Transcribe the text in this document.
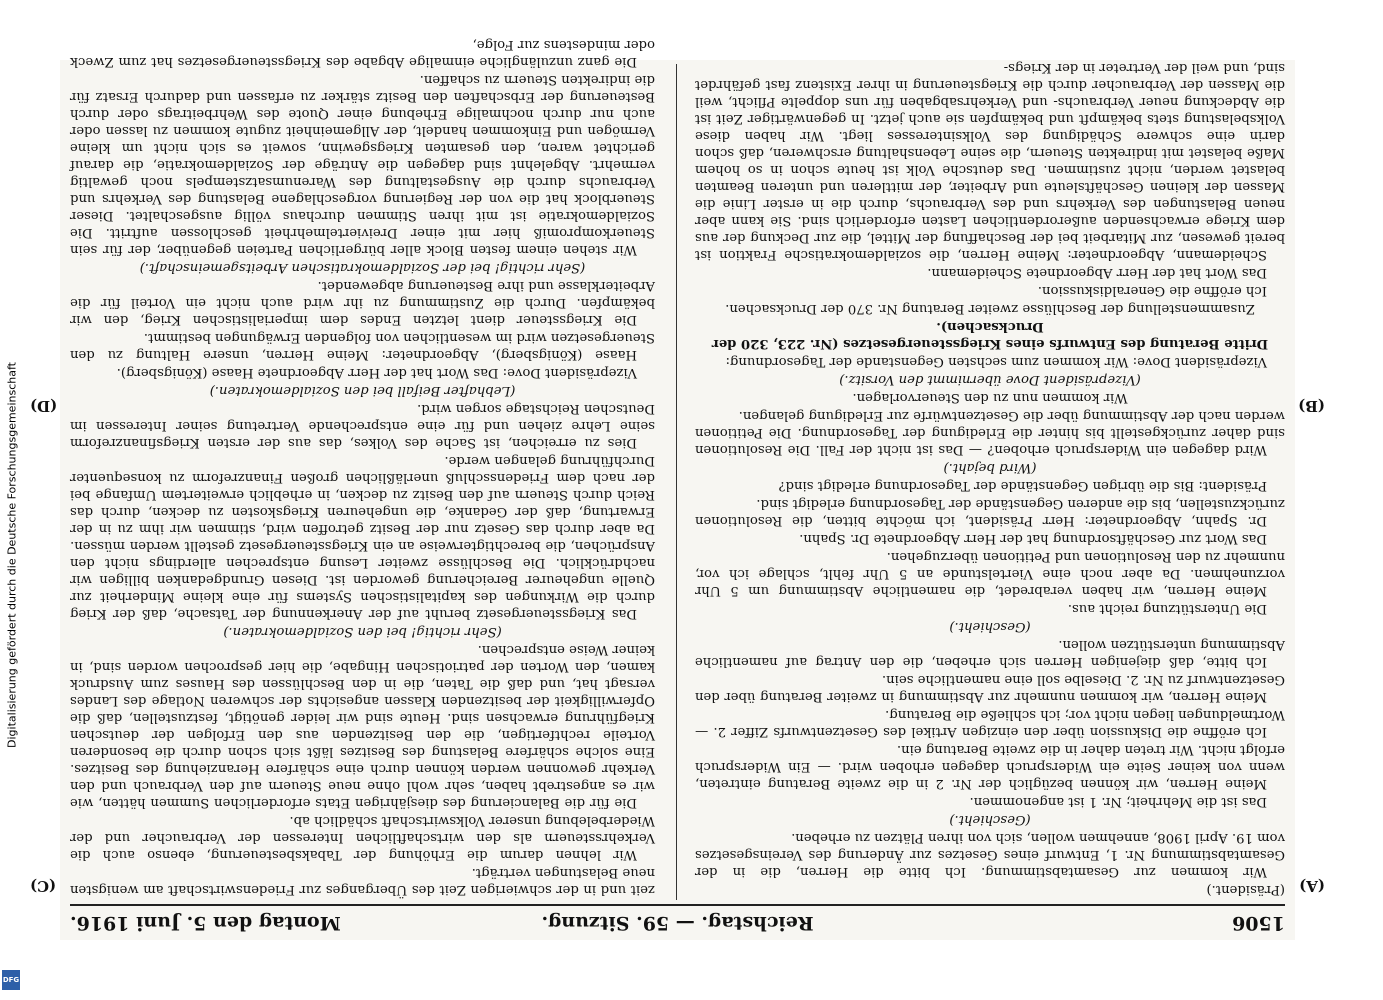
1506
Reichstag. — 59. Sitzung.
Montag den 5. Juni 1916.
(A)
(B)
(C)
(D)

(Präsident.)

Wir kommen zur Gesamtabstimmung. Ich bitte die Herren, die in der Gesamtabstimmung Nr. 1, Entwurf eines Gesetzes zur Änderung des Vereinsgesetzes vom 19. April 1908, annehmen wollen, sich von ihren Plätzen zu erheben.

(Geschieht.)

Das ist die Mehrheit; Nr. 1 ist angenommen.

Meine Herren, wir können bezüglich der Nr. 2 in die zweite Beratung eintreten, wenn von keiner Seite ein Widerspruch dagegen erhoben wird. — Ein Widerspruch erfolgt nicht. Wir treten daher in die zweite Beratung ein.

Ich eröffne die Diskussion über den einzigen Artikel des Gesetzentwurfs Ziffer 2. — Wortmeldungen liegen nicht vor; ich schließe die Beratung.

Meine Herren, wir kommen nunmehr zur Abstimmung in zweiter Beratung über den Gesetzentwurf zu Nr. 2. Dieselbe soll eine namentliche sein.

Ich bitte, daß diejenigen Herren sich erheben, die den Antrag auf namentliche Abstimmung unterstützen wollen.

(Geschieht.)

Die Unterstützung reicht aus.

Meine Herren, wir haben verabredet, die namentliche Abstimmung um 5 Uhr vorzunehmen. Da aber noch eine Viertelstunde an 5 Uhr fehlt, schlage ich vor, nunmehr zu den Resolutionen und Petitionen überzugehen.

Das Wort zur Geschäftsordnung hat der Herr Abgeordnete Dr. Spahn.

Dr. Spahn, Abgeordneter: Herr Präsident, ich möchte bitten, die Resolutionen zurückzustellen, bis die anderen Gegenstände der Tagesordnung erledigt sind.

Präsident: Bis die übrigen Gegenstände der Tagesordnung erledigt sind?

(Wird bejaht.)

Wird dagegen ein Widerspruch erhoben? — Das ist nicht der Fall. Die Resolutionen sind daher zurückgestellt bis hinter die Erledigung der Tagesordnung. Die Petitionen werden nach der Abstimmung über die Gesetzentwürfe zur Erledigung gelangen.

Wir kommen nun zu den Steuervorlagen.

(Vizepräsident Dove übernimmt den Vorsitz.)

Vizepräsident Dove: Wir kommen zum sechsten Gegenstande der Tagesordnung:

Dritte Beratung des Entwurfs eines Kriegssteuergesetzes (Nr. 223, 320 der Drucksachen).

Zusammenstellung der Beschlüsse zweiter Beratung Nr. 370 der Drucksachen.

Ich eröffne die Generaldiskussion.

Das Wort hat der Herr Abgeordnete Scheidemann.

Scheidemann, Abgeordneter: Meine Herren, die sozialdemokratische Fraktion ist bereit gewesen, zur Mitarbeit bei der Beschaffung der Mittel, die zur Deckung der aus dem Kriege erwachsenden außerordentlichen Lasten erforderlich sind. Sie kann aber neuen Belastungen des Verkehrs und des Verbrauchs, durch die in erster Linie die Massen der kleinen Geschäftsleute und Arbeiter, der mittleren und unteren Beamten belastet werden, nicht zustimmen. Das deutsche Volk ist heute schon in so hohem Maße belastet mit indirekten Steuern, die seine Lebenshaltung erschweren, daß schon darin eine schwere Schädigung des Volksinteresses liegt. Wir haben diese Volksbelastung stets bekämpft und bekämpfen sie auch jetzt. In gegenwärtiger Zeit ist die Abdeckung neuer Verbrauchs- und Verkehrsabgaben für uns doppelte Pflicht, weil die Massen der Verbraucher durch die Kriegsteuerung in ihrer Existenz fast gefährdet sind, und weil der Vertreter in der Kriegs-

zeit und in der schwierigen Zeit des Überganges zur Friedenswirtschaft am wenigsten neue Belastungen verträgt.

Wir lehnen darum die Erhöhung der Tabaksbesteuerung, ebenso auch die Verkehrssteuern als den wirtschaftlichen Interessen der Verbraucher und der Wiederbelebung unserer Volkswirtschaft schädlich ab.

Die für die Balancierung des diesjährigen Etats erforderlichen Summen hätten, wie wir es angestrebt haben, sehr wohl ohne neue Steuern auf den Verbrauch und den Verkehr gewonnen werden können durch eine schärfere Heranziehung des Besitzes. Eine solche schärfere Belastung des Besitzes läßt sich schon durch die besonderen Vorteile rechtfertigen, die den Besitzenden aus den Erfolgen der deutschen Kriegführung erwachsen sind. Heute sind wir leider genötigt, festzustellen, daß die Opferwilligkeit der besitzenden Klassen angesichts der schweren Notlage des Landes versagt hat, und daß die Taten, die in den Beschlüssen des Hauses zum Ausdruck kamen, den Worten der patriotischen Hingabe, die hier gesprochen worden sind, in keiner Weise entsprechen.

(Sehr richtig! bei den Sozialdemokraten.)

Das Kriegssteuergesetz beruht auf der Anerkennung der Tatsache, daß der Krieg durch die Wirkungen des kapitalistischen Systems für eine kleine Minderheit zur Quelle ungeheurer Bereicherung geworden ist. Diesen Grundgedanken billigen wir nachdrücklich. Die Beschlüsse zweiter Lesung entsprechen allerdings nicht den Ansprüchen, die berechtigterweise an ein Kriegssteuergesetz gestellt werden müssen. Da aber durch das Gesetz nur der Besitz getroffen wird, stimmen wir ihm zu in der Erwartung, daß der Gedanke, die ungeheuren Kriegskosten zu decken, durch das Reich durch Steuern auf den Besitz zu decken, in erheblich erweitertem Umfange bei der nach dem Friedensschluß unerläßlichen großen Finanzreform zu konsequenter Durchführung gelangen werde.

Dies zu erreichen, ist Sache des Volkes, das aus der ersten Kriegsfinanzreform seine Lehre ziehen und für eine entsprechende Vertretung seiner Interessen im Deutschen Reichstage sorgen wird.

(Lebhafter Beifall bei den Sozialdemokraten.)

Vizepräsident Dove: Das Wort hat der Herr Abgeordnete Haase (Königsberg).

Haase (Königsberg), Abgeordneter: Meine Herren, unsere Haltung zu den Steuergesetzen wird im wesentlichen von folgenden Erwägungen bestimmt.

Die Kriegssteuer dient letzten Endes dem imperialistischen Krieg, den wir bekämpfen. Durch die Zustimmung zu ihr wird auch nicht ein Vorteil für die Arbeiterklasse und ihre Besteuerung abgewendet.

(Sehr richtig! bei der Sozialdemokratischen Arbeitsgemeinschaft.)

Wir stehen einem festen Block aller bürgerlichen Parteien gegenüber, der für sein Steuerkompromiß hier mit einer Dreiviertelmehrheit geschlossen auftritt. Die Sozialdemokratie ist mit ihren Stimmen durchaus völlig ausgeschaltet. Dieser Steuerblock hat die von der Regierung vorgeschlagene Belastung des Verkehrs und Verbrauchs durch die Ausgestaltung des Warenumsatzstempels noch gewaltig vermehrt. Abgelehnt sind dagegen die Anträge der Sozialdemokratie, die darauf gerichtet waren, den gesamten Kriegsgewinn, soweit es sich nicht um kleine Vermögen und Einkommen handelt, der Allgemeinheit zugute kommen zu lassen oder auch nur durch nochmalige Erhebung einer Quote des Wehrbeitrags oder durch Besteuerung der Erbschaften den Besitz stärker zu erfassen und dadurch Ersatz für die indirekten Steuern zu schaffen.

Die ganz unzulängliche einmalige Abgabe des Kriegssteuergesetzes hat zum Zweck oder mindestens zur Folge,

Digitalisierung gefördert durch die Deutsche Forschungsgemeinschaft
DFG
